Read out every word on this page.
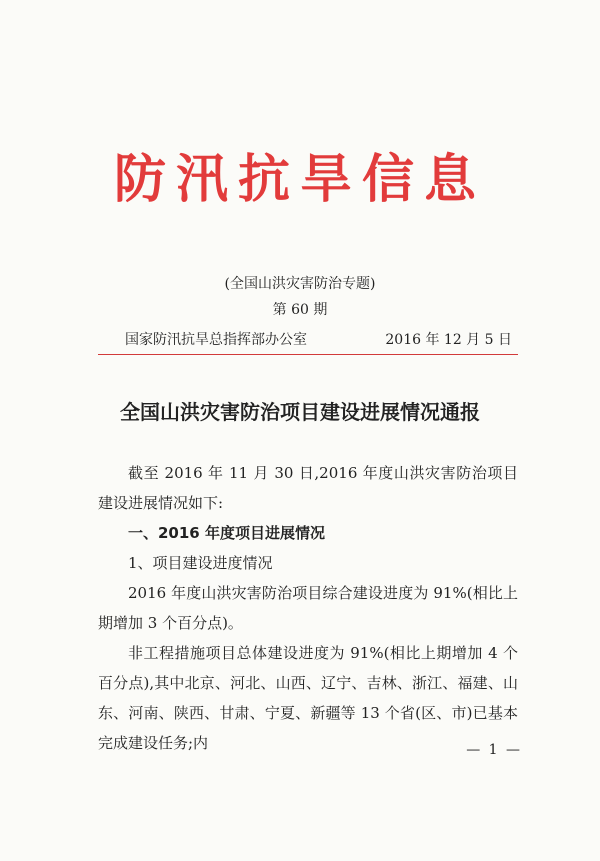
防汛抗旱信息
(全国山洪灾害防治专题)
第 60 期
国家防汛抗旱总指挥部办公室	2016 年 12 月 5 日
全国山洪灾害防治项目建设进展情况通报

截至 2016 年 11 月 30 日,2016 年度山洪灾害防治项目建设进展情况如下:

一、2016 年度项目进展情况

1、项目建设进度情况

2016 年度山洪灾害防治项目综合建设进度为 91%(相比上期增加 3 个百分点)。

非工程措施项目总体建设进度为 91%(相比上期增加 4 个百分点),其中北京、河北、山西、辽宁、吉林、浙江、福建、山东、河南、陕西、甘肃、宁夏、新疆等 13 个省(区、市)已基本完成建设任务;内	— 1 —
